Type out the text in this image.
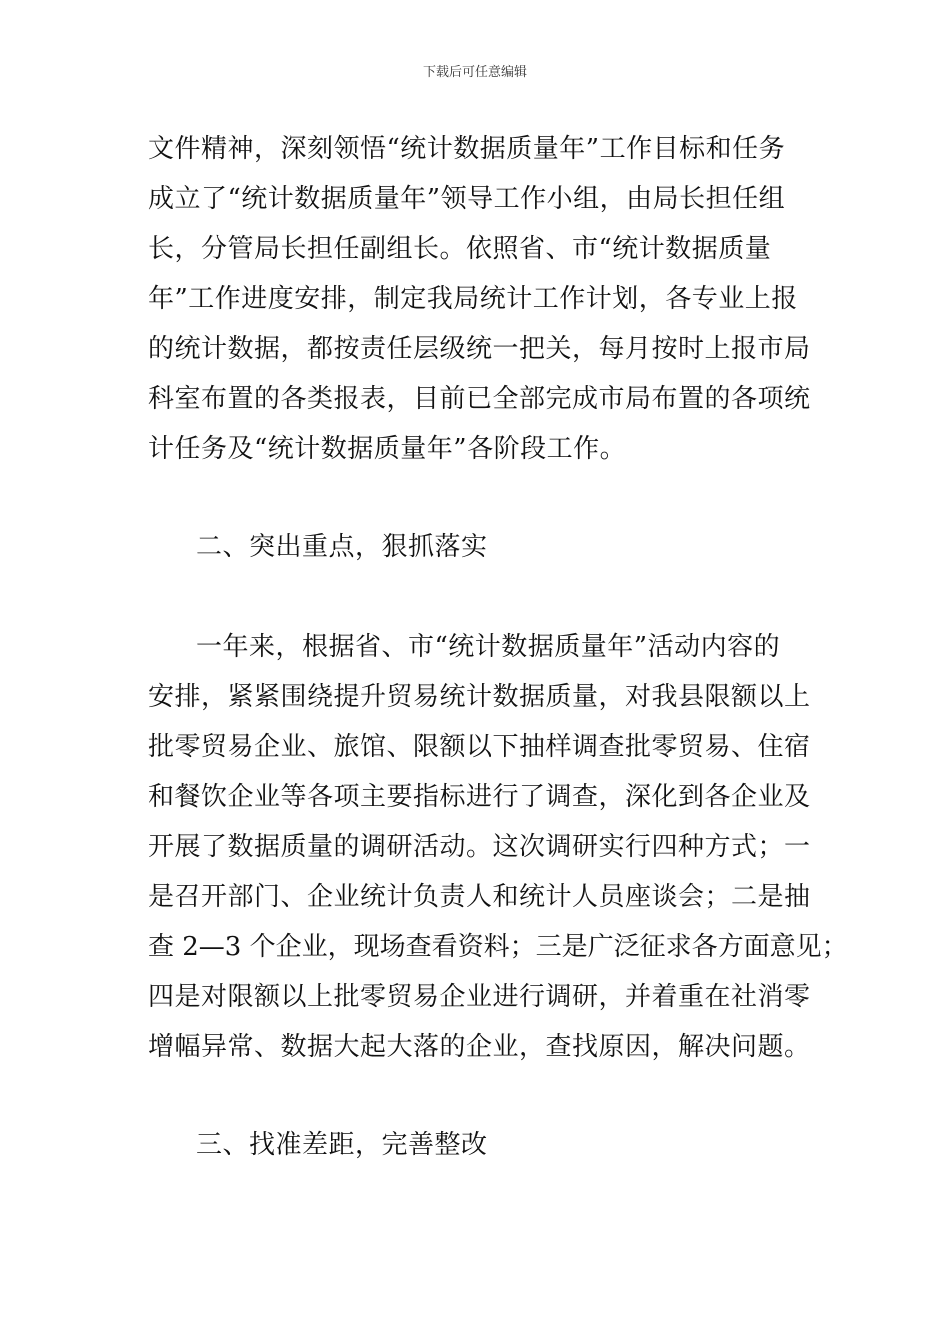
下载后可任意编辑
文件精神，深刻领悟“统计数据质量年”工作目标和任务
成立了“统计数据质量年”领导工作小组，由局长担任组
长，分管局长担任副组长。依照省、市“统计数据质量
年”工作进度安排，制定我局统计工作计划，各专业上报
的统计数据，都按责任层级统一把关，每月按时上报市局
科室布置的各类报表，目前已全部完成市局布置的各项统
计任务及“统计数据质量年”各阶段工作。
二、突出重点，狠抓落实
一年来，根据省、市“统计数据质量年”活动内容的
安排，紧紧围绕提升贸易统计数据质量，对我县限额以上
批零贸易企业、旅馆、限额以下抽样调查批零贸易、住宿
和餐饮企业等各项主要指标进行了调查，深化到各企业及
开展了数据质量的调研活动。这次调研实行四种方式；一
是召开部门、企业统计负责人和统计人员座谈会；二是抽
查 2—3 个企业，现场查看资料；三是广泛征求各方面意见；
四是对限额以上批零贸易企业进行调研，并着重在社消零
增幅异常、数据大起大落的企业，查找原因，解决问题。
三、找准差距，完善整改
